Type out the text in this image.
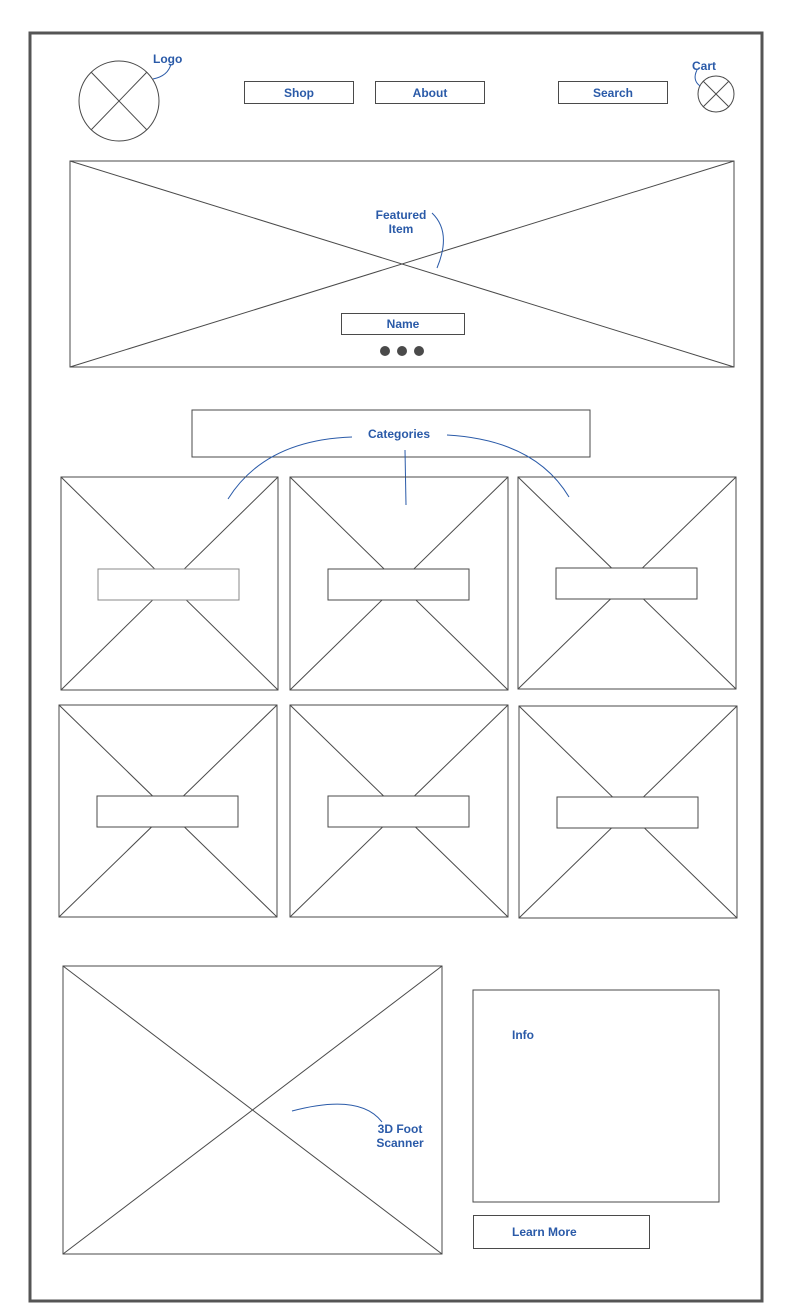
Logo	Cart
Shop	About	Search
Featured
Item
Name
Categories
3D Foot
Scanner
Info
Learn More
